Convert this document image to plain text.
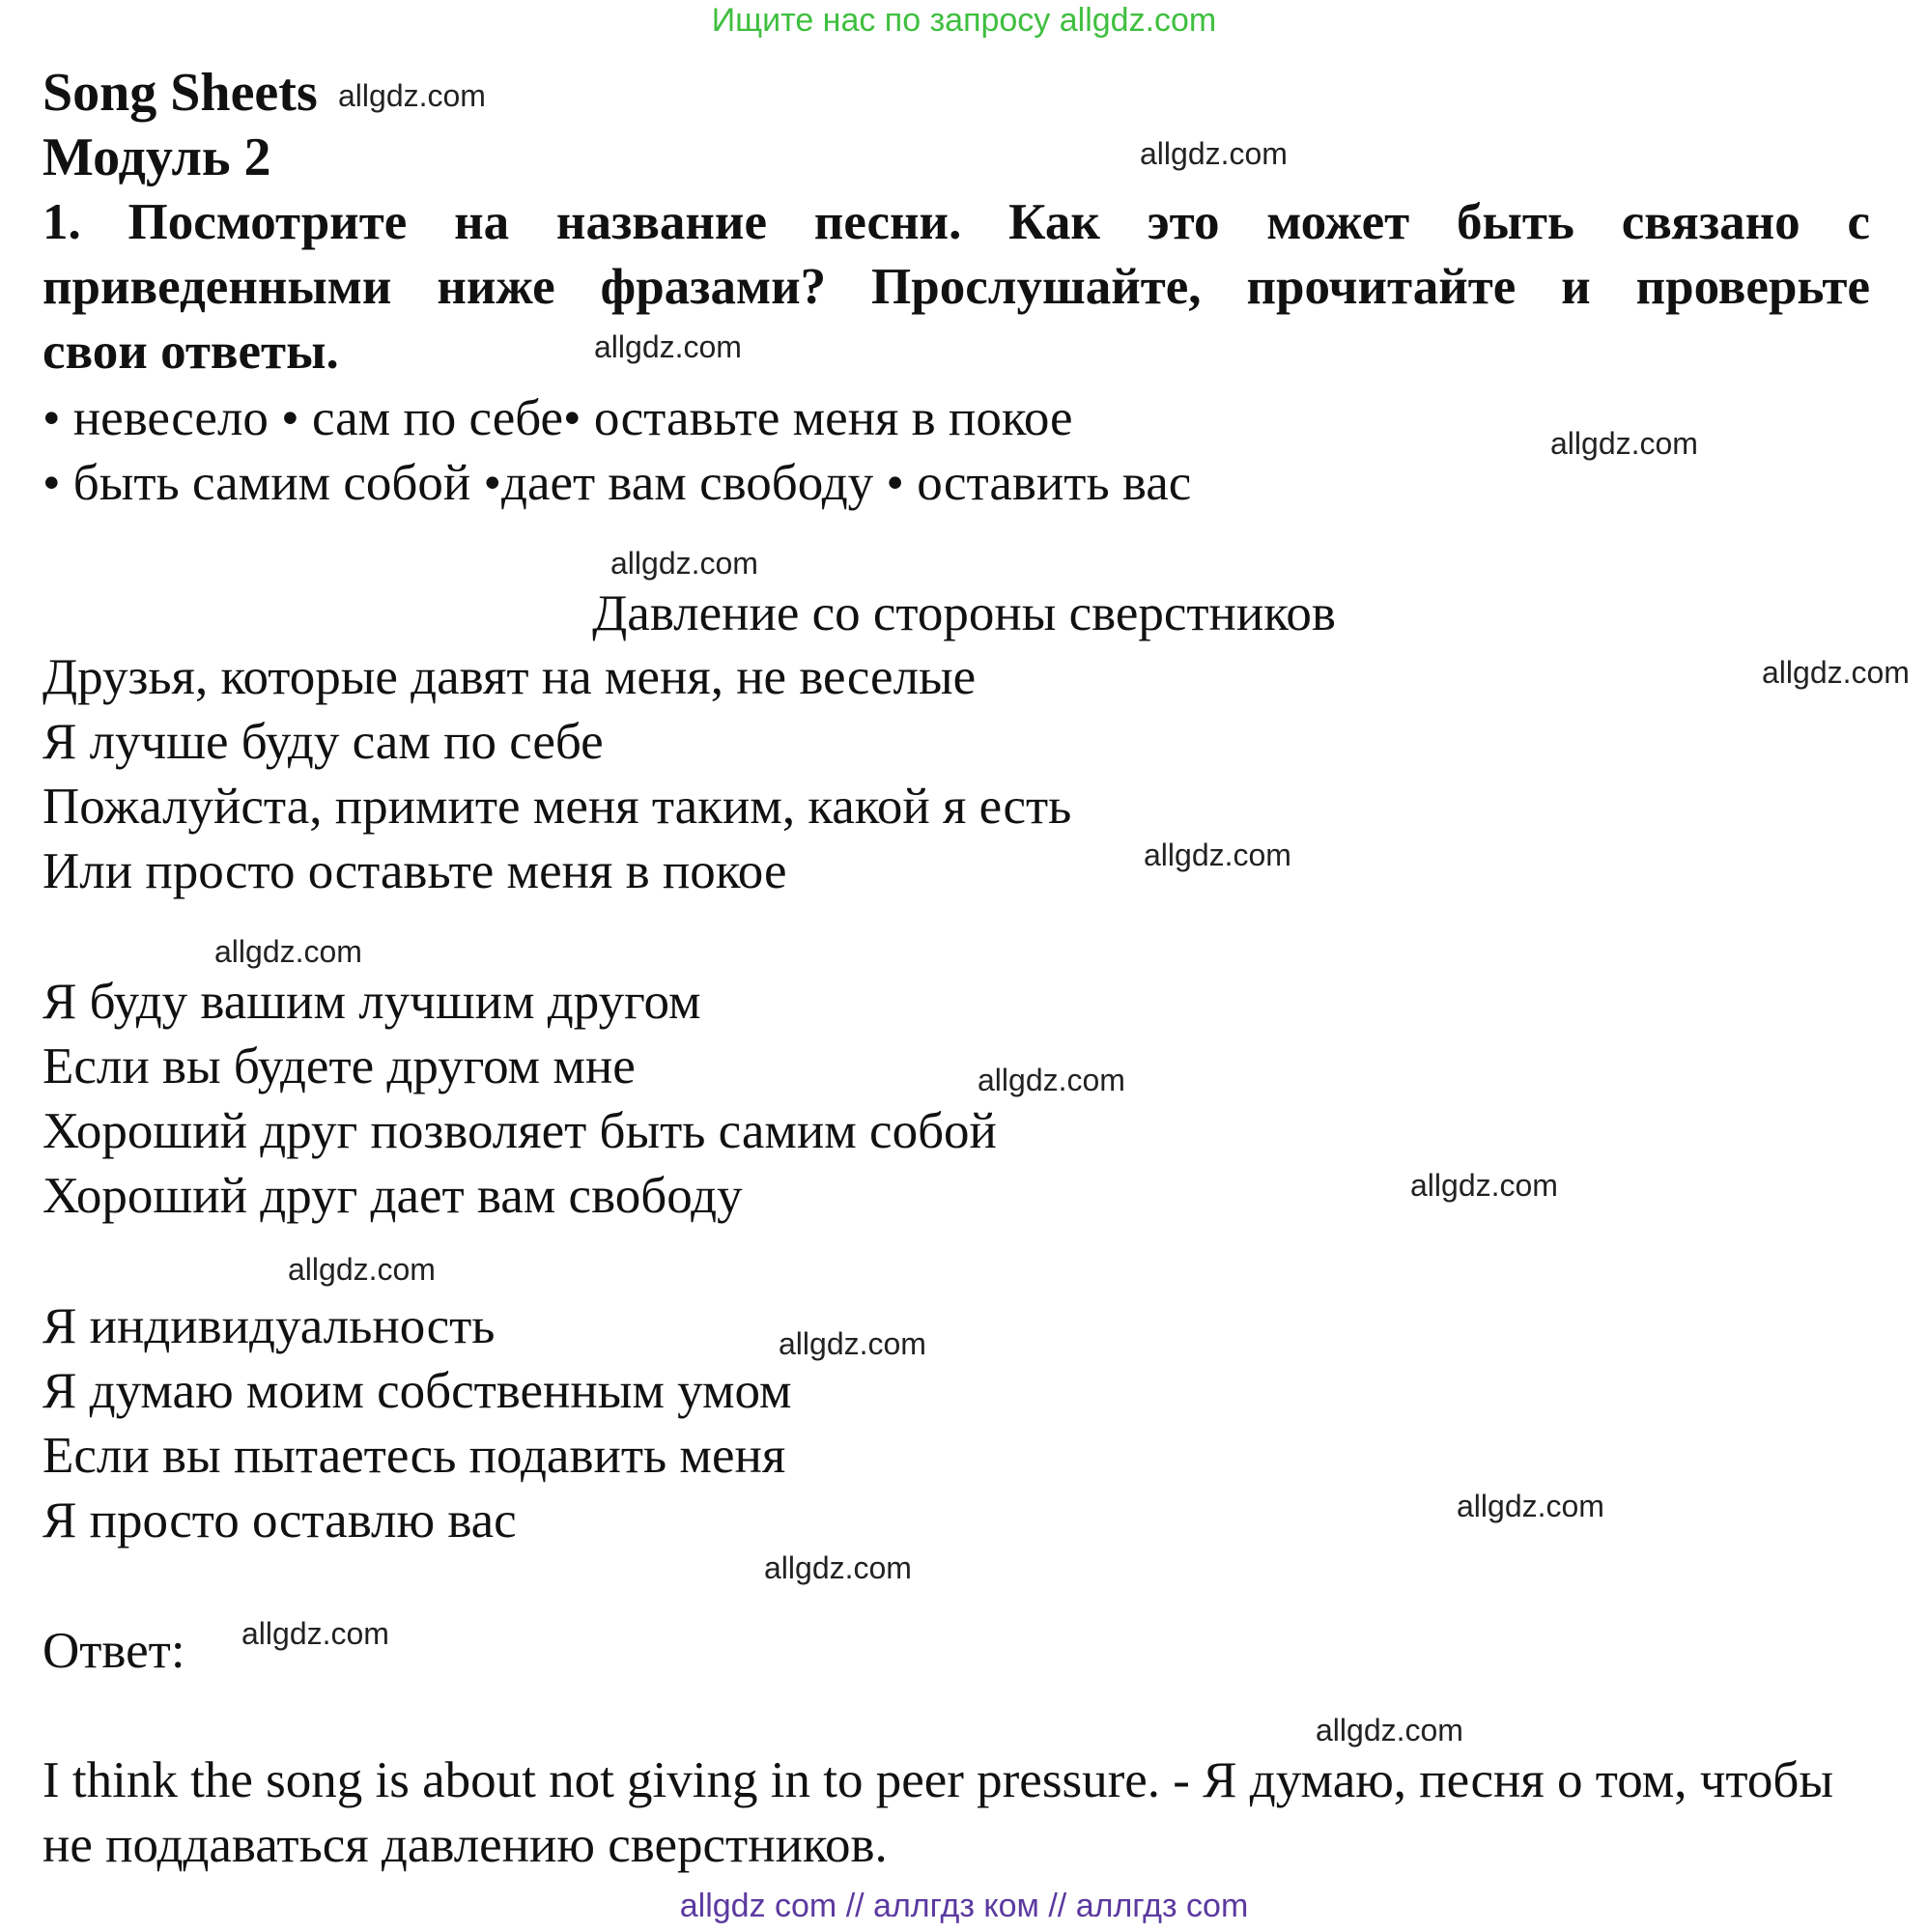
Ищите нас по запросу allgdz.com
Song Sheets
Модуль 2
1. Посмотрите на название песни. Как это может быть связано с
приведенными ниже фразами? Прослушайте, прочитайте и проверьте
свои ответы.
• невесело • сам по себе• оставьте меня в покое
• быть самим собой •дает вам свободу • оставить вас
Давление со стороны сверстников
Друзья, которые давят на меня, не веселые
Я лучше буду сам по себе
Пожалуйста, примите меня таким, какой я есть
Или просто оставьте меня в покое
Я буду вашим лучшим другом
Если вы будете другом мне
Хороший друг позволяет быть самим собой
Хороший друг дает вам свободу
Я индивидуальность
Я думаю моим собственным умом
Если вы пытаетесь подавить меня
Я просто оставлю вас
Ответ:
I think the song is about not giving in to peer pressure. - Я думаю, песня о том, чтобы не поддаваться давлению сверстников.
allgdz.com
allgdz.com
allgdz.com
allgdz.com
allgdz.com
allgdz.com
allgdz.com
allgdz.com
allgdz.com
allgdz.com
allgdz.com
allgdz.com
allgdz.com
allgdz.com
allgdz.com
allgdz.com
allgdz com // аллгдз ком // аллгдз com
